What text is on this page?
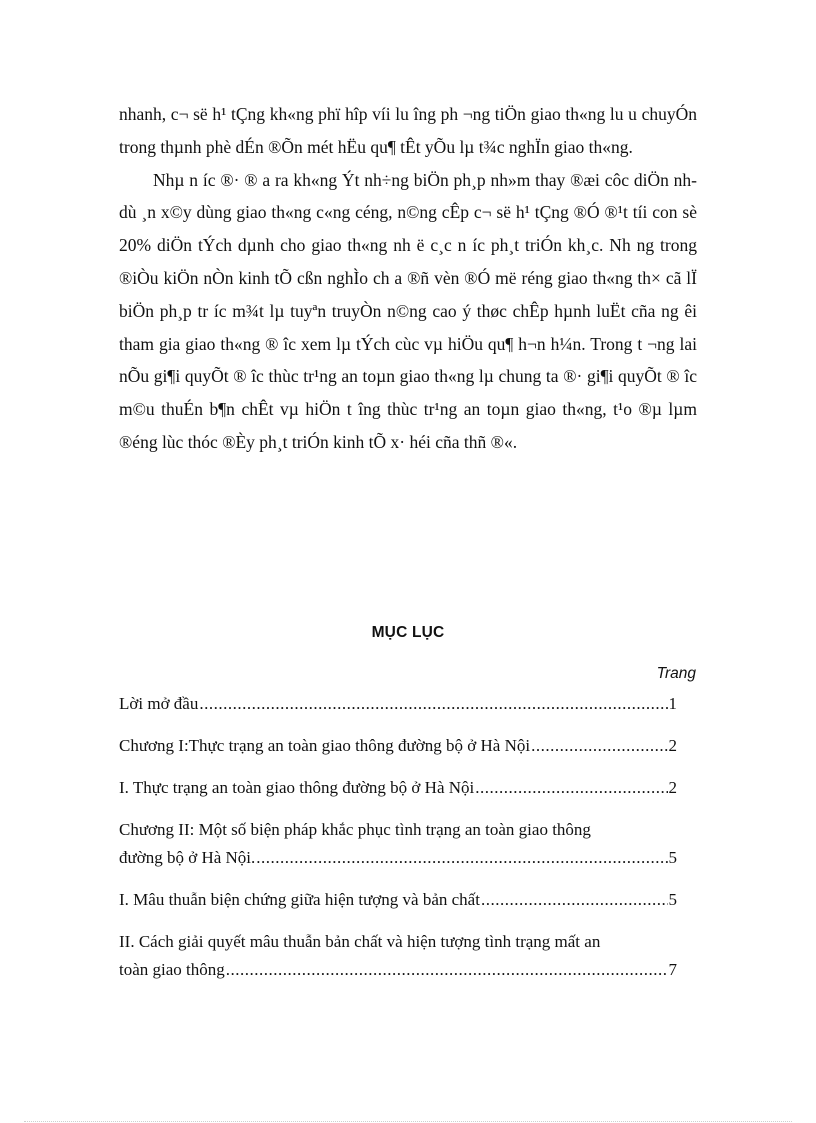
nhanh, c¬ së h¹ tÇng kh«ng phï hîp víi lu îng ph ¬ng tiÖn giao th«ng lu u chuyÓn trong thµnh phè dÉn ®Õn mét hËu qu¶ tÊt yÕu lµ t¾c nghÏn giao th«ng.

Nhµ n íc ®· ® a ra kh«ng Ýt nh÷ng biÖn ph¸p nh»m thay ®æi côc diÖn nh dù ¸n x©y dùng giao th«ng c«ng céng, n©ng cÊp c¬ së h¹ tÇng ®Ó ®¹t tíi con sè 20% diÖn tÝch dµnh cho giao th«ng nh ë c¸c n íc ph¸t triÓn kh¸c. Nh ng trong ®iÒu kiÖn nÒn kinh tÕ cßn nghÌo ch a ®ñ vèn ®Ó më réng giao th«ng th× cã lÏ biÖn ph¸p tr íc m¾t lµ tuyªn truyÒn n©ng cao ý thøc chÊp hµnh luËt cña ng êi tham gia giao th«ng ® îc xem lµ tÝch cùc vµ hiÖu qu¶ h¬n h¼n. Trong t ¬ng lai nÕu gi¶i quyÕt ® îc thùc tr¹ng an toµn giao th«ng lµ chung ta ®· gi¶i quyÕt ® îc m©u thuÉn b¶n chÊt vµ hiÖn t îng thùc tr¹ng an toµn giao th«ng, t¹o ®µ lµm ®éng lùc thóc ®Èy ph¸t triÓn kinh tÕ x· héi cña thñ ®«.

MỤC LỤC
Trang
Lời mở đầu .....	1
Chương I:Thực trạng an toàn giao thông đường bộ ở Hà Nội .....	2
I. Thực trạng an toàn giao thông đường bộ ở Hà Nội .....	2
Chương II: Một số biện pháp khắc phục tình trạng an toàn giao thông
đường bộ ở Hà Nội. .....	5
I. Mâu thuẫn biện chứng giữa hiện tượng và bản chất .....	5
II. Cách giải quyết mâu thuẫn bản chất và hiện tượng tình trạng mất an
toàn giao thông .....	7
